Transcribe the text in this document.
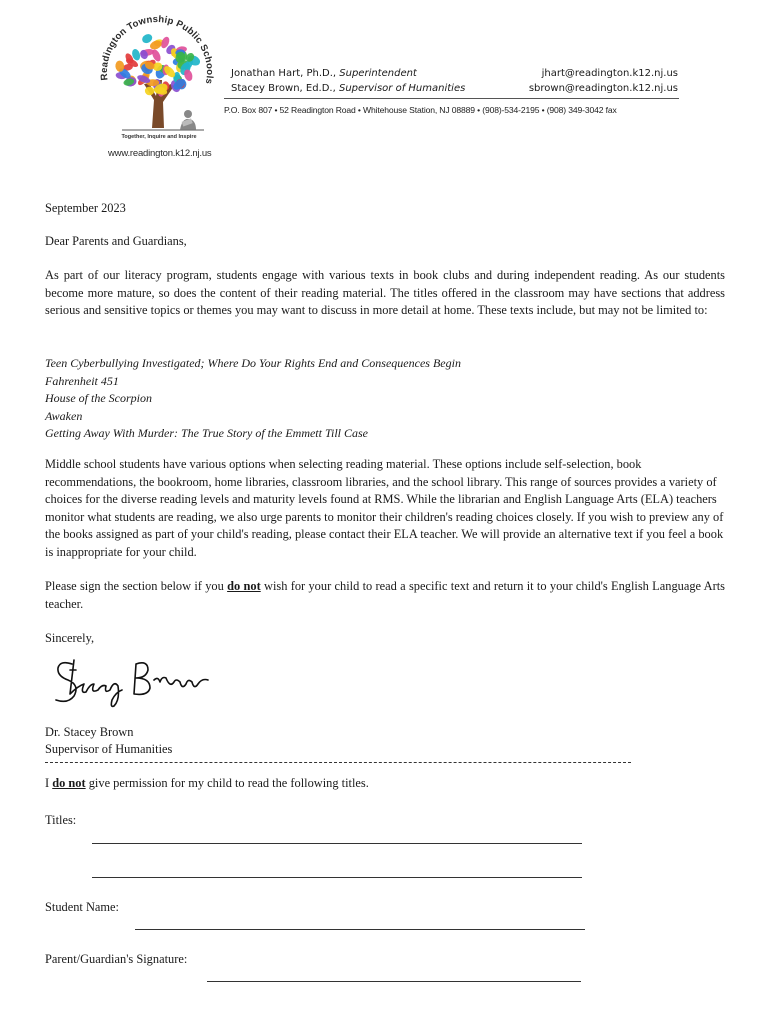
Readington Township Public Schools
Together, Inquire and Inspire
www.readington.k12.nj.us
Jonathan Hart, Ph.D., Superintendent
Stacey Brown, Ed.D., Supervisor of Humanities
jhart@readington.k12.nj.us
sbrown@readington.k12.nj.us
P.O. Box 807 • 52 Readington Road • Whitehouse Station, NJ 08889 • (908)-534-2195 • (908) 349-3042 fax
September 2023
Dear Parents and Guardians,
As part of our literacy program, students engage with various texts in book clubs and during independent reading. As our students become more mature, so does the content of their reading material. The titles offered in the classroom may have sections that address serious and sensitive topics or themes you may want to discuss in more detail at home. These texts include, but may not be limited to:
Teen Cyberbullying Investigated; Where Do Your Rights End and Consequences Begin
Fahrenheit 451
House of the Scorpion
Awaken
Getting Away With Murder: The True Story of the Emmett Till Case
Middle school students have various options when selecting reading material. These options include self-selection, book recommendations, the bookroom, home libraries, classroom libraries, and the school library. This range of sources provides a variety of choices for the diverse reading levels and maturity levels found at RMS. While the librarian and English Language Arts (ELA) teachers monitor what students are reading, we also urge parents to monitor their children's reading choices closely. If you wish to preview any of the books assigned as part of your child's reading, please contact their ELA teacher. We will provide an alternative text if you feel a book is inappropriate for your child.
Please sign the section below if you do not wish for your child to read a specific text and return it to your child's English Language Arts teacher.
Sincerely,
Dr. Stacey Brown
Supervisor of Humanities
I do not give permission for my child to read the following titles.
Titles:
Student Name:
Parent/Guardian's Signature:
